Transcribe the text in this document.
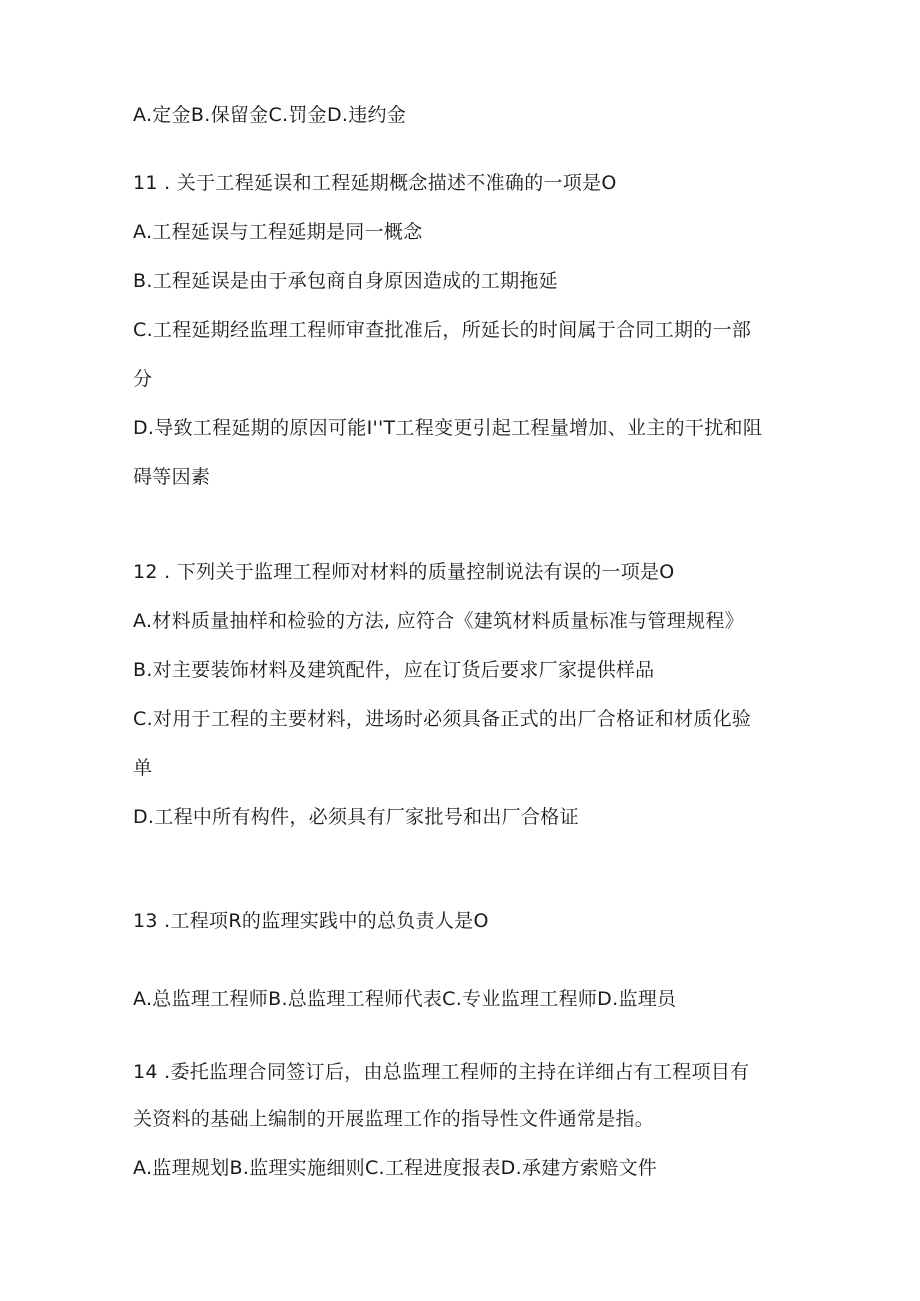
A.定金B.保留金C.罚金D.违约金

11 . 关于工程延误和工程延期概念描述不准确的一项是O

A.工程延误与工程延期是同一概念

B.工程延误是由于承包商自身原因造成的工期拖延

C.工程延期经监理工程师审查批准后，所延长的时间属于合同工期的一部

分

D.导致工程延期的原因可能I''T工程变更引起工程量增加、业主的干扰和阻

碍等因素

12 . 下列关于监理工程师对材料的质量控制说法有误的一项是O

A.材料质量抽样和检验的方法, 应符合《建筑材料质量标准与管理规程》

B.对主要装饰材料及建筑配件，应在订货后要求厂家提供样品

C.对用于工程的主要材料，进场时必须具备正式的出厂合格证和材质化验

单

D.工程中所有构件，必须具有厂家批号和出厂合格证

13 .工程项R的监理实践中的总负责人是O

A.总监理工程师B.总监理工程师代表C.专业监理工程师D.监理员

14 .委托监理合同签订后，由总监理工程师的主持在详细占有工程项目有

关资料的基础上编制的开展监理工作的指导性文件通常是指。

A.监理规划B.监理实施细则C.工程进度报表D.承建方索赔文件
